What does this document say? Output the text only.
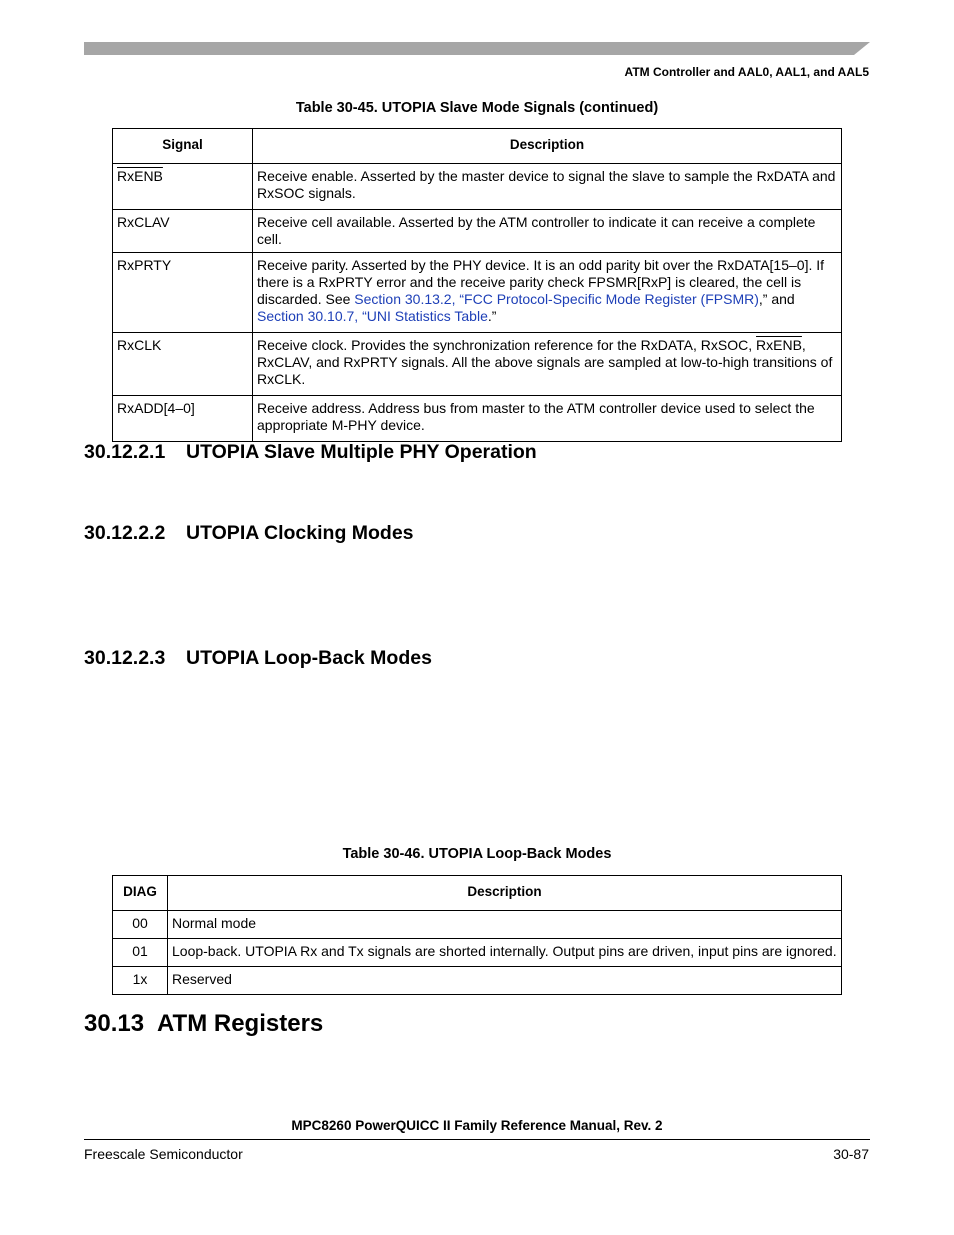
ATM Controller and AAL0, AAL1, and AAL5
Table 30-45. UTOPIA Slave Mode Signals (continued)
Signal	Description
RxENB	Receive enable. Asserted by the master device to signal the slave to sample the RxDATA and RxSOC signals.
RxCLAV	Receive cell available. Asserted by the ATM controller to indicate it can receive a complete cell.
RxPRTY	Receive parity. Asserted by the PHY device. It is an odd parity bit over the RxDATA[15–0]. If there is a RxPRTY error and the receive parity check FPSMR[RxP] is cleared, the cell is discarded. See Section 30.13.2, “FCC Protocol-Specific Mode Register (FPSMR),” and Section 30.10.7, “UNI Statistics Table.”
RxCLK	Receive clock. Provides the synchronization reference for the RxDATA, RxSOC, RxENB, RxCLAV, and RxPRTY signals. All the above signals are sampled at low-to-high transitions of RxCLK.
RxADD[4–0]	Receive address. Address bus from master to the ATM controller device used to select the appropriate M-PHY device.
30.12.2.1 UTOPIA Slave Multiple PHY Operation
30.12.2.2 UTOPIA Clocking Modes
30.12.2.3 UTOPIA Loop-Back Modes
Table 30-46. UTOPIA Loop-Back Modes
DIAG	Description
00	Normal mode
01	Loop-back. UTOPIA Rx and Tx signals are shorted internally. Output pins are driven, input pins are ignored.
1x	Reserved
30.13 ATM Registers
MPC8260 PowerQUICC II Family Reference Manual, Rev. 2
Freescale Semiconductor	30-87
